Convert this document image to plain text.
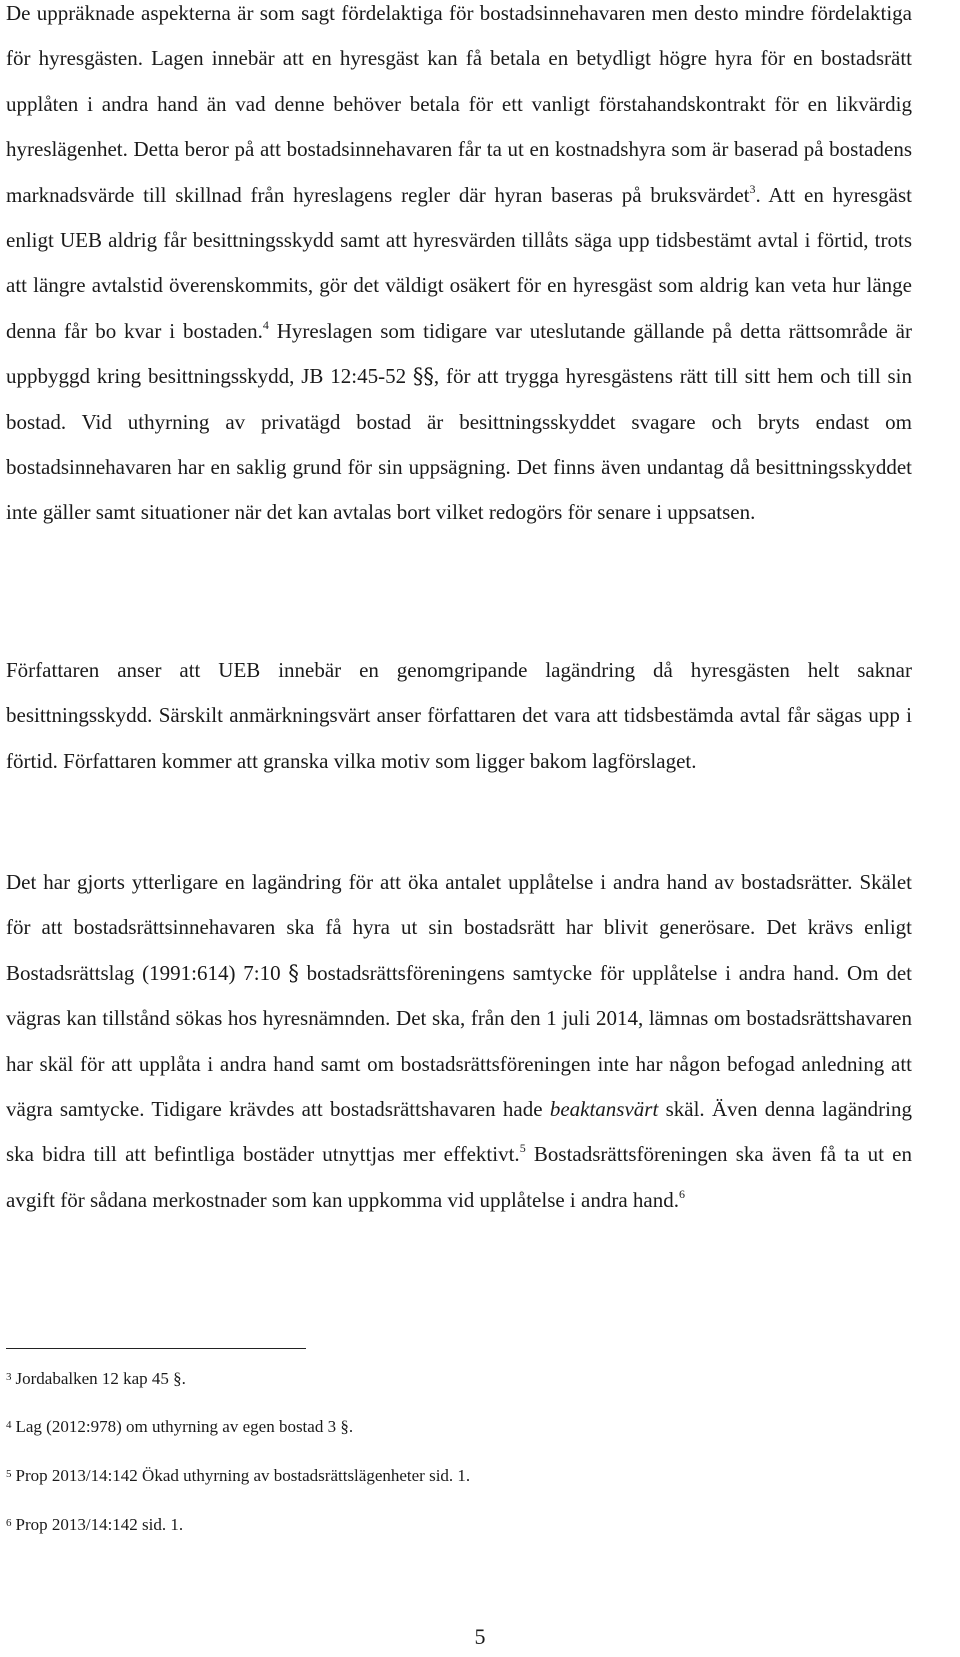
De uppräknade aspekterna är som sagt fördelaktiga för bostadsinnehavaren men desto mindre fördelaktiga för hyresgästen. Lagen innebär att en hyresgäst kan få betala en betydligt högre hyra för en bostadsrätt upplåten i andra hand än vad denne behöver betala för ett vanligt förstahandskontrakt för en likvärdig hyreslägenhet. Detta beror på att bostadsinnehavaren får ta ut en kostnadshyra som är baserad på bostadens marknadsvärde till skillnad från hyreslagens regler där hyran baseras på bruksvärdet$^3$. Att en hyresgäst enligt UEB aldrig får besittningsskydd samt att hyresvärden tillåts säga upp tidsbestämt avtal i förtid, trots att längre avtalstid överenskommits, gör det väldigt osäkert för en hyresgäst som aldrig kan veta hur länge denna får bo kvar i bostaden.$^4$ Hyreslagen som tidigare var uteslutande gällande på detta rättsområde är uppbyggd kring besittningsskydd, JB 12:45-52 §§, för att trygga hyresgästens rätt till sitt hem och till sin bostad. Vid uthyrning av privatägd bostad är besittningsskyddet svagare och bryts endast om bostadsinnehavaren har en saklig grund för sin uppsägning. Det finns även undantag då besittningsskyddet inte gäller samt situationer när det kan avtalas bort vilket redogörs för senare i uppsatsen.

Författaren anser att UEB innebär en genomgripande lagändring då hyresgästen helt saknar besittningsskydd. Särskilt anmärkningsvärt anser författaren det vara att tidsbestämda avtal får sägas upp i förtid. Författaren kommer att granska vilka motiv som ligger bakom lagförslaget.

Det har gjorts ytterligare en lagändring för att öka antalet upplåtelse i andra hand av bostadsrätter. Skälet för att bostadsrättsinnehavaren ska få hyra ut sin bostadsrätt har blivit generösare. Det krävs enligt Bostadsrättslag (1991:614) 7:10 § bostadsrättsföreningens samtycke för upplåtelse i andra hand. Om det vägras kan tillstånd sökas hos hyresnämnden. Det ska, från den 1 juli 2014, lämnas om bostadsrättshavaren har skäl för att upplåta i andra hand samt om bostadsrättsföreningen inte har någon befogad anledning att vägra samtycke. Tidigare krävdes att bostadsrättshavaren hade beaktansvärt skäl. Även denna lagändring ska bidra till att befintliga bostäder utnyttjas mer effektivt.$^5$ Bostadsrättsföreningen ska även få ta ut en avgift för sådana merkostnader som kan uppkomma vid upplåtelse i andra hand.$^6$

$^3$ Jordabalken 12 kap 45 §.
$^4$ Lag (2012:978) om uthyrning av egen bostad 3 §.
$^5$ Prop 2013/14:142 Ökad uthyrning av bostadsrättslägenheter sid. 1.
$^6$ Prop 2013/14:142 sid. 1.
5
